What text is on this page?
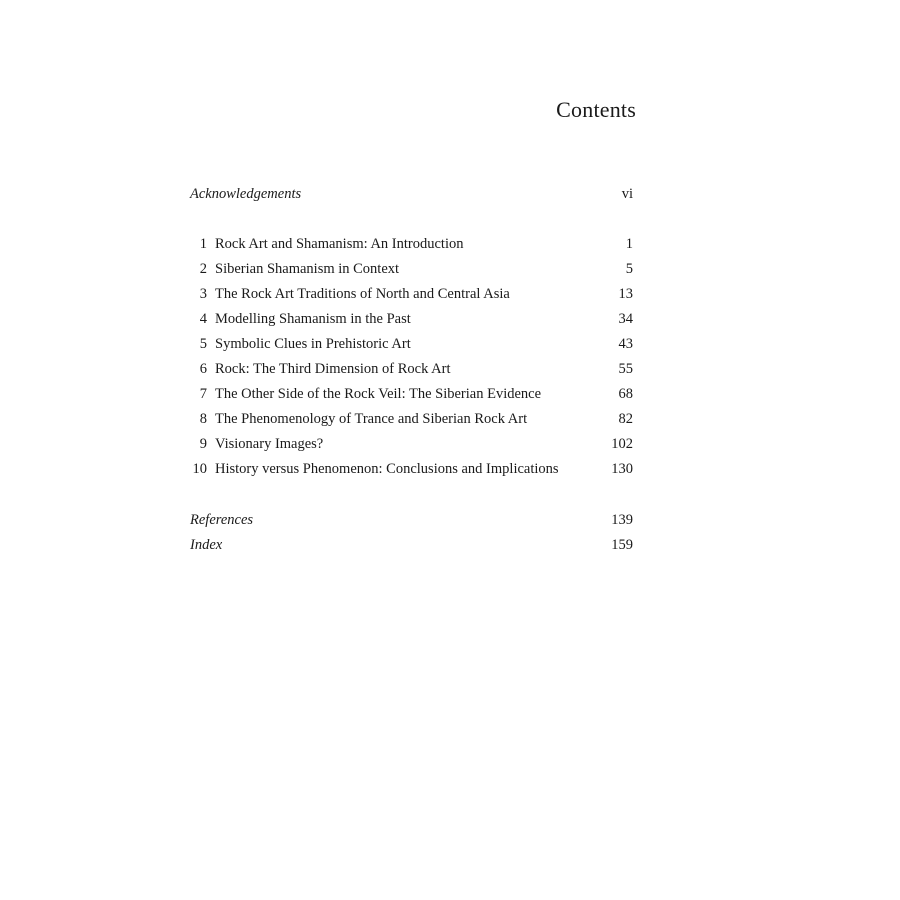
Contents
Acknowledgements	vi
1 Rock Art and Shamanism: An Introduction	1
2 Siberian Shamanism in Context	5
3 The Rock Art Traditions of North and Central Asia	13
4 Modelling Shamanism in the Past	34
5 Symbolic Clues in Prehistoric Art	43
6 Rock: The Third Dimension of Rock Art	55
7 The Other Side of the Rock Veil: The Siberian Evidence	68
8 The Phenomenology of Trance and Siberian Rock Art	82
9 Visionary Images?	102
10 History versus Phenomenon: Conclusions and Implications	130
References	139
Index	159
